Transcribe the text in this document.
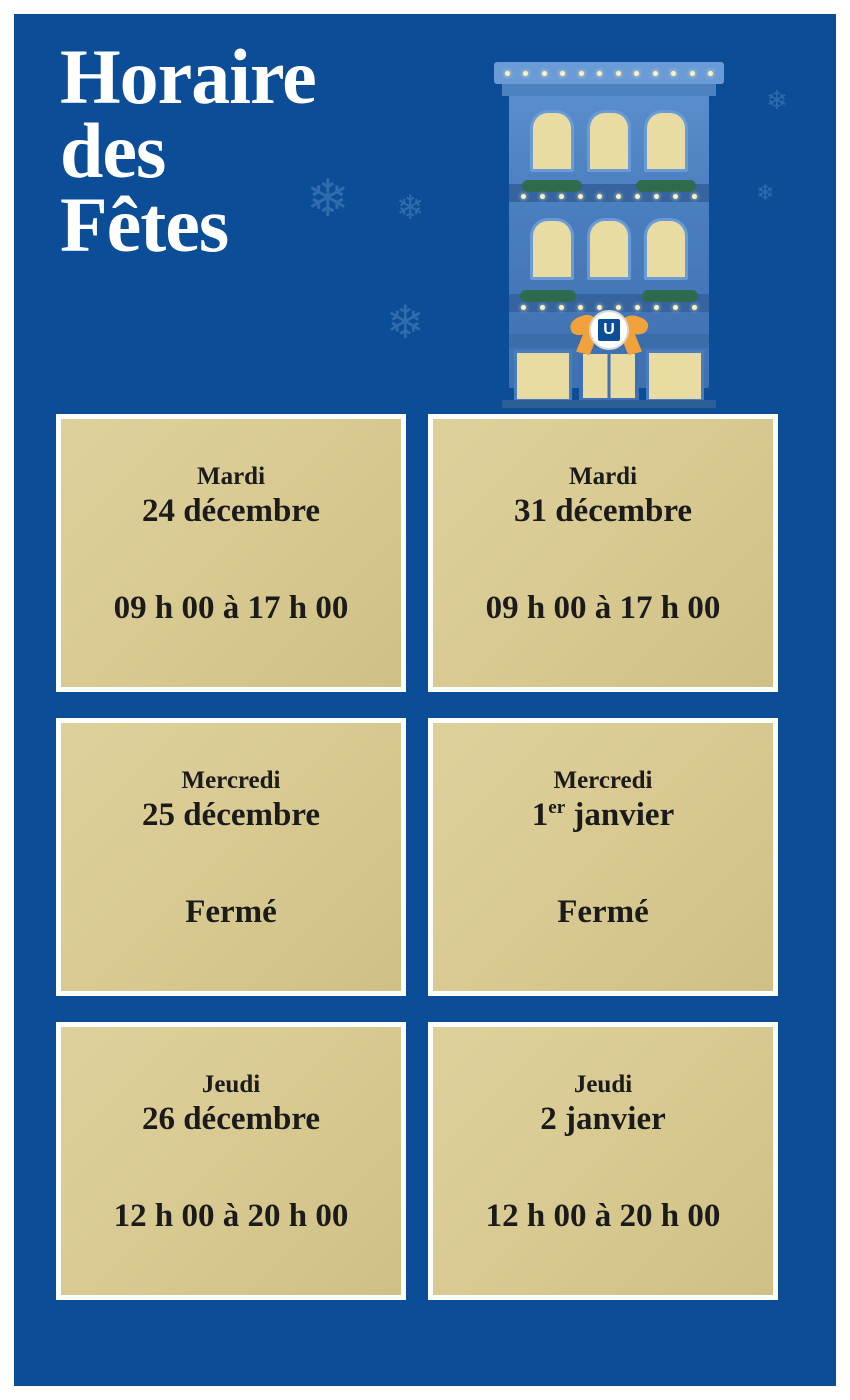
❄ ❄
❄
❄
❄
Horaire
des
Fêtes
U
Mardi
24 décembre
09 h 00 à 17 h 00
Mardi
31 décembre
09 h 00 à 17 h 00
Mercredi
25 décembre
Fermé
Mercredi
1er janvier
Fermé
Jeudi
26 décembre
12 h 00 à 20 h 00
Jeudi
2 janvier
12 h 00 à 20 h 00
